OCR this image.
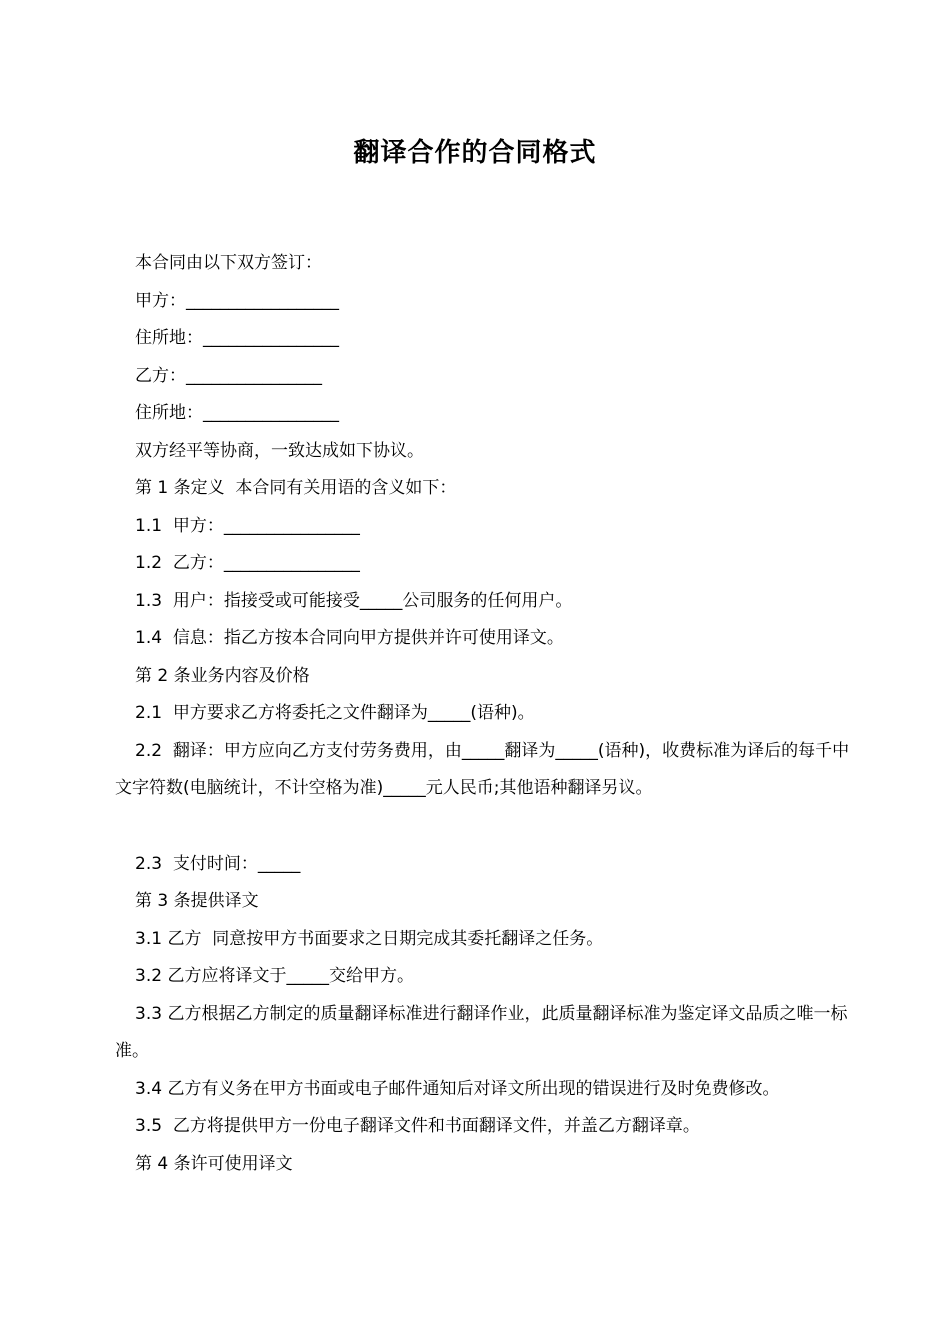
翻译合作的合同格式

本合同由以下双方签订：

甲方：__________________

住所地：________________

乙方：________________

住所地：________________

双方经平等协商，一致达成如下协议。

第 1 条定义  本合同有关用语的含义如下：

1.1  甲方：________________

1.2  乙方：________________

1.3  用户：指接受或可能接受_____公司服务的任何用户。

1.4  信息：指乙方按本合同向甲方提供并许可使用译文。

第 2 条业务内容及价格

2.1  甲方要求乙方将委托之文件翻译为_____(语种)。

2.2  翻译：甲方应向乙方支付劳务费用，由_____翻译为_____(语种)，收费标准为译后的每千中文字符数(电脑统计，不计空格为准)_____元人民币;其他语种翻译另议。

2.3  支付时间：_____

第 3 条提供译文

3.1 乙方  同意按甲方书面要求之日期完成其委托翻译之任务。

3.2 乙方应将译文于_____交给甲方。

3.3 乙方根据乙方制定的质量翻译标准进行翻译作业，此质量翻译标准为鉴定译文品质之唯一标准。

3.4 乙方有义务在甲方书面或电子邮件通知后对译文所出现的错误进行及时免费修改。

3.5  乙方将提供甲方一份电子翻译文件和书面翻译文件，并盖乙方翻译章。

第 4 条许可使用译文
